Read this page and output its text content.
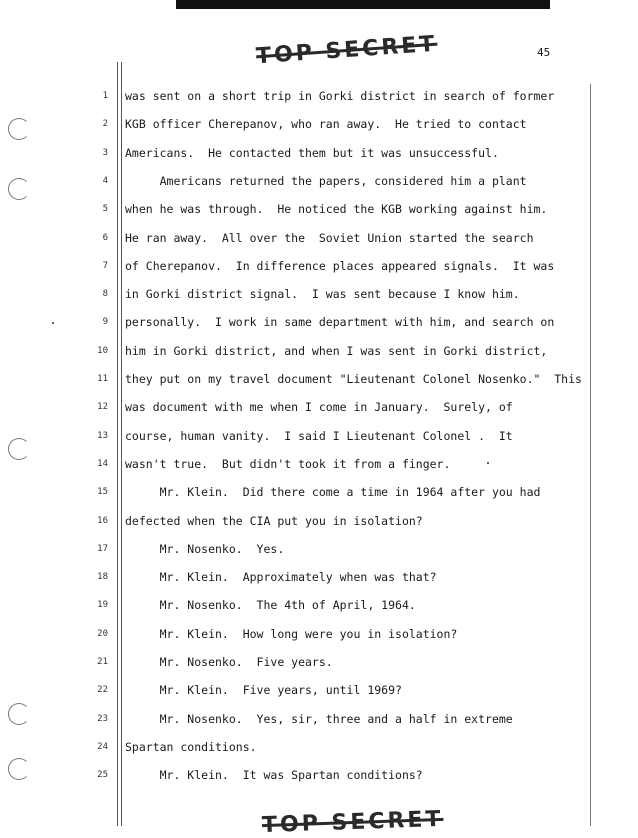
TOP SECRET	45
1 was sent on a short trip in Gorki district in search of former
2 KGB officer Cherepanov, who ran away.  He tried to contact
3 Americans.  He contacted them but it was unsuccessful.
4 Americans returned the papers, considered him a plant
5 when he was through.  He noticed the KGB working against him.
6 He ran away.  All over the  Soviet Union started the search
7 of Cherepanov.  In difference places appeared signals.  It was
8 in Gorki district signal.  I was sent because I know him.
9 personally.  I work in same department with him, and search on
10 him in Gorki district, and when I was sent in Gorki district,
11 they put on my travel document "Lieutenant Colonel Nosenko."  This
12 was document with me when I come in January.  Surely, of
13 course, human vanity.  I said I Lieutenant Colonel .  It
14 wasn't true.  But didn't took it from a finger.
15 Mr. Klein.  Did there come a time in 1964 after you had
16 defected when the CIA put you in isolation?
17 Mr. Nosenko.  Yes.
18 Mr. Klein.  Approximately when was that?
19 Mr. Nosenko.  The 4th of April, 1964.
20 Mr. Klein.  How long were you in isolation?
21 Mr. Nosenko.  Five years.
22 Mr. Klein.  Five years, until 1969?
23 Mr. Nosenko.  Yes, sir, three and a half in extreme
24 Spartan conditions.
25 Mr. Klein.  It was Spartan conditions?
TOP SECRET
